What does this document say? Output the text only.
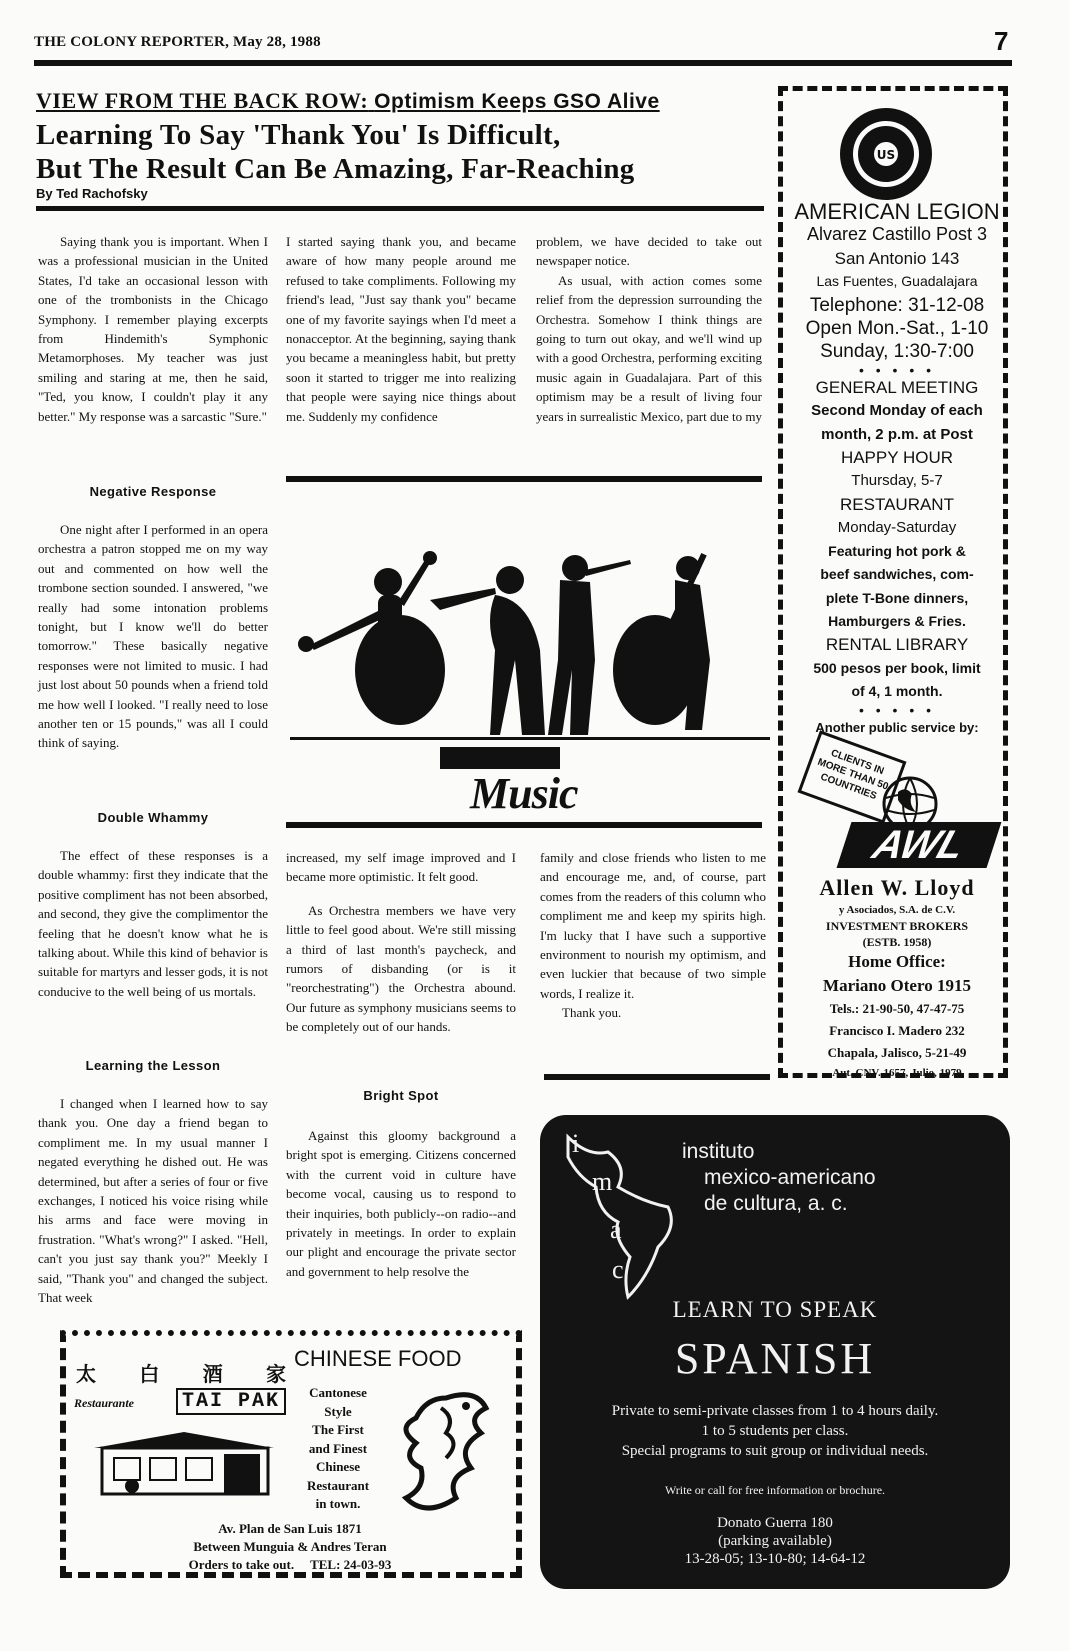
THE COLONY REPORTER, May 28, 1988	7
VIEW FROM THE BACK ROW: Optimism Keeps GSO Alive
Learning To Say 'Thank You' Is Difficult,
But The Result Can Be Amazing, Far-Reaching
By Ted Rachofsky

Saying thank you is important. When I was a professional musician in the United States, I'd take an occasional lesson with one of the trombonists in the Chicago Symphony. I remember playing excerpts from Hindemith's Symphonic Metamorphoses. My teacher was just smiling and staring at me, then he said, "Ted, you know, I couldn't play it any better." My response was a sarcastic "Sure."

Negative Response

One night after I performed in an opera orchestra a patron stopped me on my way out and commented on how well the trombone section sounded. I answered, "we really had some intonation problems tonight, but I know we'll do better tomorrow." These basically negative responses were not limited to music. I had just lost about 50 pounds when a friend told me how well I looked. "I really need to lose another ten or 15 pounds," was all I could think of saying.

Double Whammy

The effect of these responses is a double whammy: first they indicate that the positive compliment has not been absorbed, and second, they give the complimentor the feeling that he doesn't know what he is talking about. While this kind of behavior is suitable for martyrs and lesser gods, it is not conducive to the well being of us mortals.

Learning the Lesson

I changed when I learned how to say thank you. One day a friend began to compliment me. In my usual manner I negated everything he dished out. He was determined, but after a series of four or five exchanges, I noticed his voice rising while his arms and face were moving in frustration. "What's wrong?" I asked. "Hell, can't you just say thank you?" Meekly I said, "Thank you" and changed the subject. That week

I started saying thank you, and became aware of how many people around me refused to take compliments. Following my friend's lead, "Just say thank you" became one of my favorite sayings when I'd meet a nonacceptor. At the beginning, saying thank you became a meaningless habit, but pretty soon it started to trigger me into realizing that people were saying nice things about me. Suddenly my confidence

problem, we have decided to take out newspaper notice.

As usual, with action comes some relief from the depression surrounding the Orchestra. Somehow I think things are going to turn out okay, and we'll wind up with a good Orchestra, performing exciting music again in Guadalajara. Part of this optimism may be a result of living four years in surrealistic Mexico, part due to my

Music

increased, my self image improved and I became more optimistic. It felt good.

As Orchestra members we have very little to feel good about. We're still missing a third of last month's paycheck, and rumors of disbanding (or is it "reorchestrating") the Orchestra abound. Our future as symphony musicians seems to be completely out of our hands.

Bright Spot

Against this gloomy background a bright spot is emerging. Citizens concerned with the current void in culture have become vocal, causing us to respond to their inquiries, both publicly--on radio--and privately in meetings. In order to explain our plight and encourage the private sector and government to help resolve the

family and close friends who listen to me and encourage me, and, of course, part comes from the readers of this column who compliment me and keep my spirits high. I'm lucky that I have such a supportive environment to nourish my optimism, and even luckier that because of two simple words, I realize it.

Thank you.

US
AMERICAN LEGION
Alvarez Castillo Post 3
San Antonio 143
Las Fuentes, Guadalajara
Telephone: 31-12-08
Open Mon.-Sat., 1-10
Sunday, 1:30-7:00
• • • • •
GENERAL MEETING
Second Monday of each
month, 2 p.m. at Post
HAPPY HOUR
Thursday, 5-7
RESTAURANT
Monday-Saturday
Featuring hot pork &
beef sandwiches, com-
plete T-Bone dinners,
Hamburgers & Fries.
RENTAL LIBRARY
500 pesos per book, limit
of 4, 1 month.
• • • • •
Another public service by:
CLIENTS IN MORE THAN 50 COUNTRIES
AWL
Allen W. Lloyd
y Asociados, S.A. de C.V.
INVESTMENT BROKERS
(ESTB. 1958)
Home Office:
Mariano Otero 1915
Tels.: 21-90-50, 47-47-75
Francisco I. Madero 232
Chapala, Jalisco, 5-21-49
Aut. CNV. 1657, Julio, 1979
太 白 酒 家
Restaurante	TAI PAK
CHINESE FOOD
Cantonese
Style
The First
and Finest
Chinese
Restaurant
in town.
Av. Plan de San Luis 1871
Between Munguia & Andres Teran
Orders to take out.     TEL: 24-03-93
i
m
a
c
instituto
mexico-americano
de cultura, a. c.
LEARN TO SPEAK
SPANISH
Private to semi-private classes from 1 to 4 hours daily.
1 to 5 students per class.
Special programs to suit group or individual needs.
Write or call for free information or brochure.
Donato Guerra 180
(parking available)
13-28-05; 13-10-80; 14-64-12
